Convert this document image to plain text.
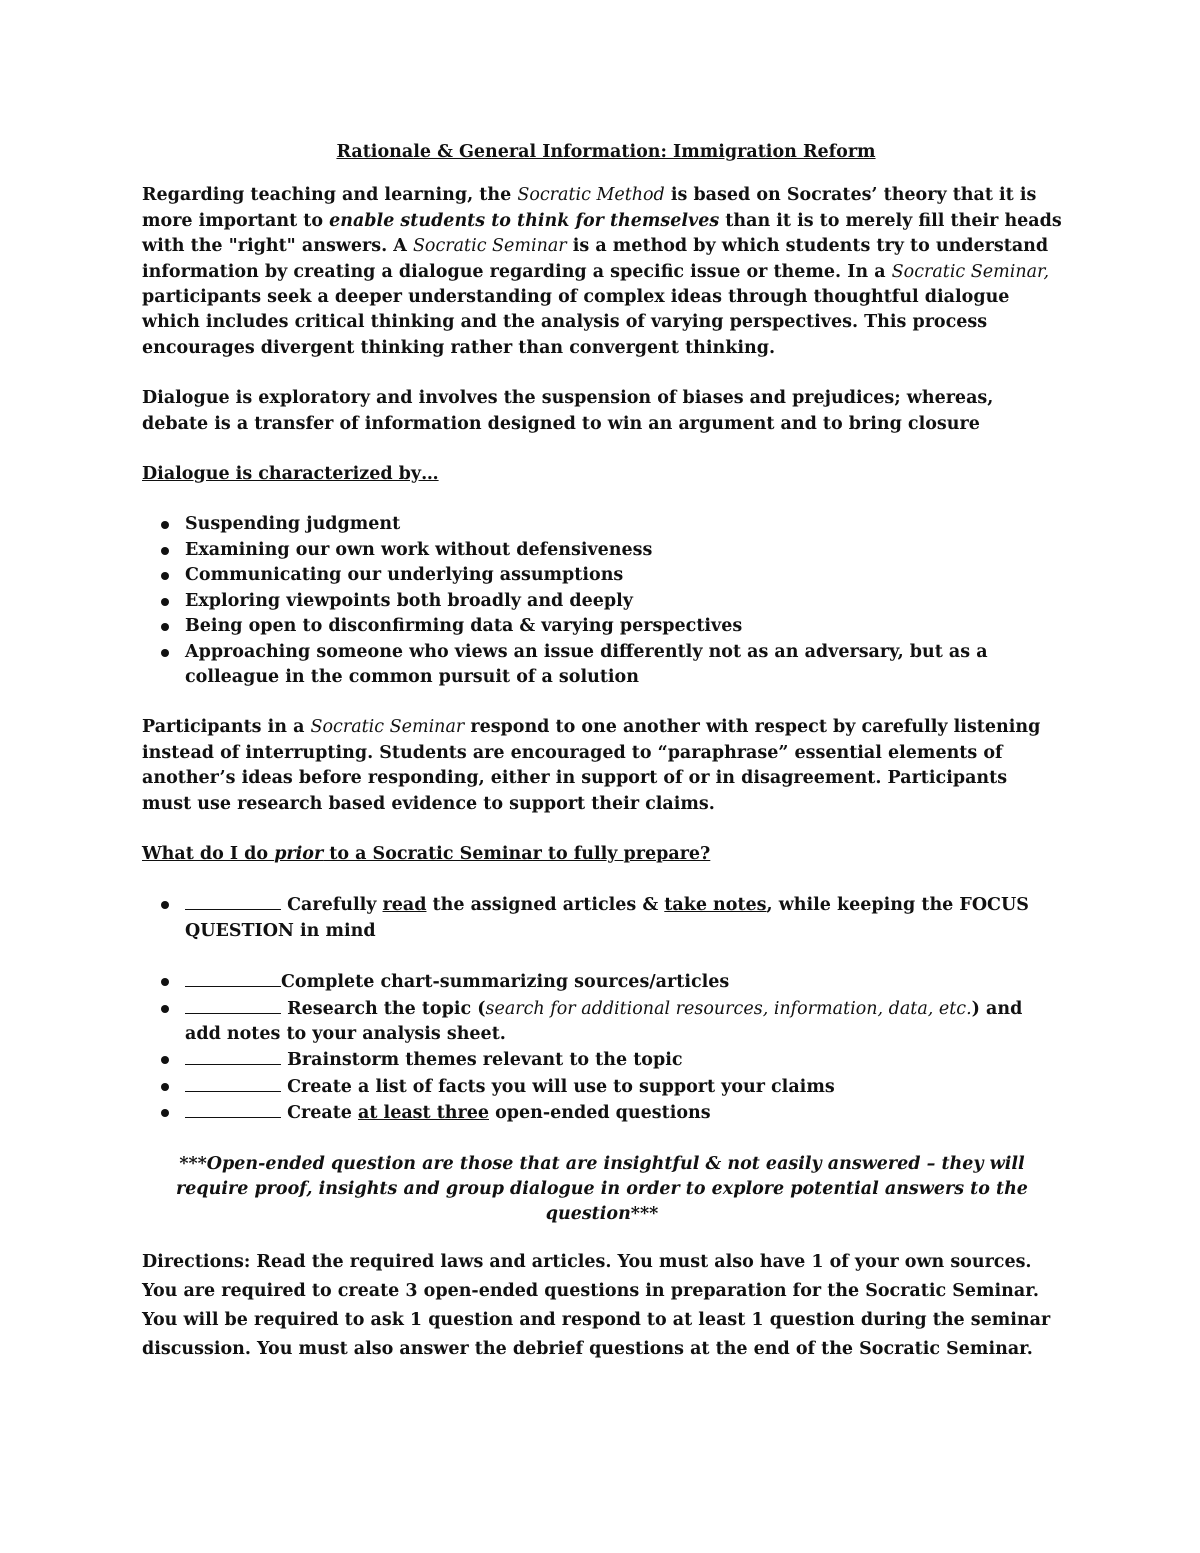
Rationale & General Information: Immigration Reform

Regarding teaching and learning, the Socratic Method is based on Socrates’ theory that it is more important to enable students to think for themselves than it is to merely fill their heads with the "right" answers. A Socratic Seminar is a method by which students try to understand information by creating a dialogue regarding a specific issue or theme. In a Socratic Seminar, participants seek a deeper understanding of complex ideas through thoughtful dialogue which includes critical thinking and the analysis of varying perspectives. This process encourages divergent thinking rather than convergent thinking.

Dialogue is exploratory and involves the suspension of biases and prejudices; whereas, debate is a transfer of information designed to win an argument and to bring closure

Dialogue is characterized by…
Suspending judgment
Examining our own work without defensiveness
Communicating our underlying assumptions
Exploring viewpoints both broadly and deeply
Being open to disconfirming data & varying perspectives
Approaching someone who views an issue differently not as an adversary, but as a colleague in the common pursuit of a solution

Participants in a Socratic Seminar respond to one another with respect by carefully listening instead of interrupting. Students are encouraged to “paraphrase” essential elements of another’s ideas before responding, either in support of or in disagreement. Participants must use research based evidence to support their claims.

What do I do prior to a Socratic Seminar to fully prepare?
Carefully read the assigned articles & take notes, while keeping the FOCUS QUESTION in mind
Complete chart-summarizing sources/articles
Research the topic (search for additional resources, information, data, etc.) and add notes to your analysis sheet.
Brainstorm themes relevant to the topic
Create a list of facts you will use to support your claims
Create at least three open-ended questions
***Open-ended question are those that are insightful & not easily answered – they will require proof, insights and group dialogue in order to explore potential answers to the question***

Directions: Read the required laws and articles. You must also have 1 of your own sources. You are required to create 3 open-ended questions in preparation for the Socratic Seminar. You will be required to ask 1 question and respond to at least 1 question during the seminar discussion. You must also answer the debrief questions at the end of the Socratic Seminar.
